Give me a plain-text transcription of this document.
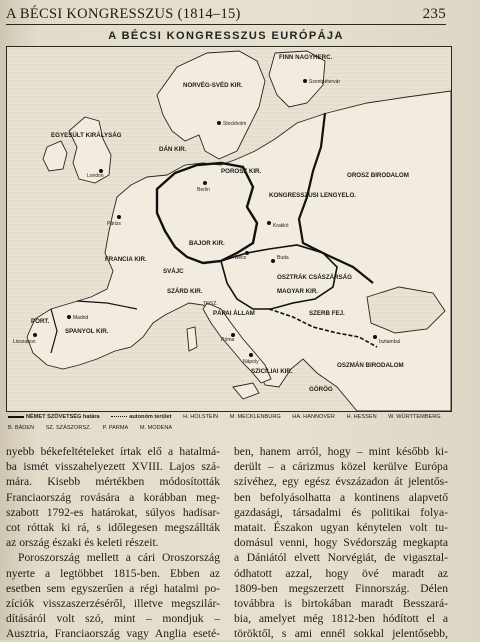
A BÉCSI KONGRESSZUS (1814–15)	235
A BÉCSI KONGRESSZUS EURÓPÁJA
NORVÉG-SVÉD KIR.
FINN NAGYHERC.
Stockholm
Szentpétervár
DÁN KIR.
EGYESÜLT KIRÁLYSÁG
London
POROSZ KIR.
Berlin
KONGRESSZUSI LENGYELO.
OROSZ BIRODALOM
Párizs
FRANCIA KIR.
BAJOR KIR.
OSZTRÁK CSÁSZÁRSÁG
Bécs	Buda
MAGYAR KIR.
SVÁJC
SZÁRD KIR.
PÁPAI ÁLLAM
TOSZ.
Róma
Nápoly
SZICÍLIAI KIR.
SZERB FEJ.
OSZMÁN BIRODALOM
Isztambul
SPANYOL KIR.
Madrid
PORT.
Lisszabon
GÖRÖG
Krakkó
NÉMET SZÖVETSÉG határa	autonóm terület H. HOLSTEIN M. MECKLENBURG HA. HANNOVER H. HESSEN W. WÜRTTEMBERG
B. BÁDEN SZ. SZÁSZORSZ. P. PARMA M. MODENA
nyebb békefeltételeket írtak elő a hatalmá-
ba ismét visszahelyezett XVIII. Lajos szá-
mára. Kisebb mértékben módosították
Franciaország rovására a korábban meg-
szabott 1792-es határokat, súlyos hadisar-
cot róttak ki rá, s időlegesen megszállták
az ország északi és keleti részeit.
Poroszország mellett a cári Oroszország
nyerte a legtöbbet 1815-ben. Ebben az
esetben sem egyszerűen a régi hatalmi po-
zíciók visszaszerzéséről, illetve megszilár-
dításáról volt szó, mint – mondjuk –
Ausztria, Franciaország vagy Anglia eseté-
ben, hanem arról, hogy – mint később ki-
derült – a cárizmus közel kerülve Európa
szívéhez, egy egész évszázadon át jelentős-
ben befolyásolhatta a kontinens alapvető
gazdasági, társadalmi és politikai folya-
matait. Északon ugyan kénytelen volt tu-
domásul venni, hogy Svédország megkapta
a Dániától elvett Norvégiát, de vigasztal-
ódhatott azzal, hogy övé maradt az
1809-ben megszerzett Finnország. Délen
továbbra is birtokában maradt Besszará-
bia, amelyet még 1812-ben hódított el a
töröktől, s ami ennél sokkal jelentősebb,
